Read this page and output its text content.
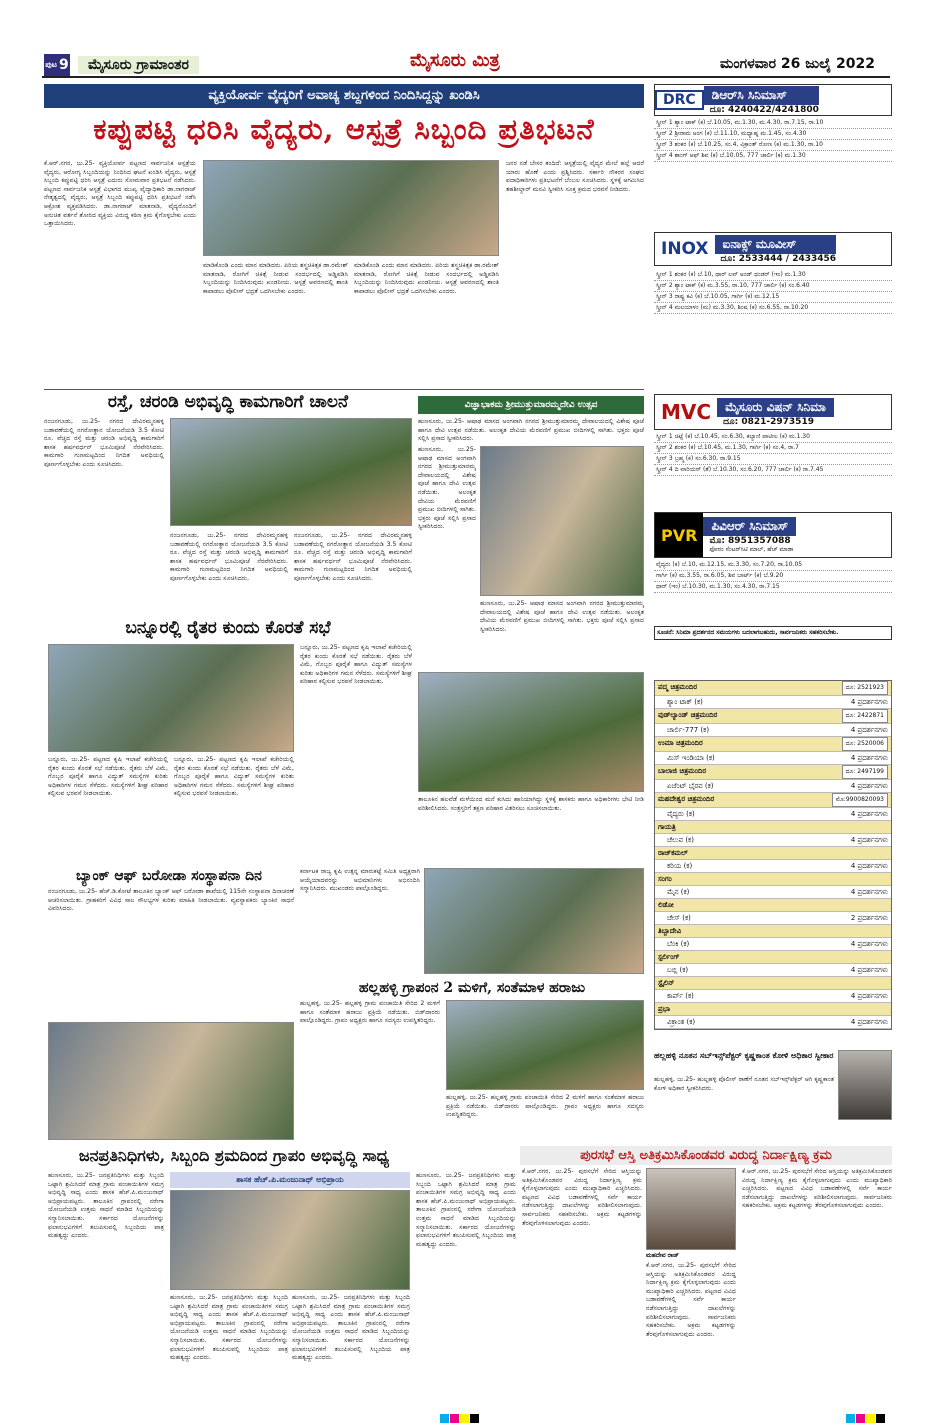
ಪುಟ 9	ಮೈಸೂರು ಗ್ರಾಮಾಂತರ	ಮೈಸೂರು ಮಿತ್ರ	ಮಂಗಳವಾರ 26 ಜುಲೈ 2022
ವ್ಯಕ್ತಿಯೋರ್ವ ವೈದ್ಯರಿಗೆ ಅವಾಚ್ಯ ಶಬ್ದಗಳಿಂದ ನಿಂದಿಸಿದ್ದನ್ನು ಖಂಡಿಸಿ
ಕಪ್ಪುಪಟ್ಟಿ ಧರಿಸಿ ವೈದ್ಯರು, ಆಸ್ಪತ್ರೆ ಸಿಬ್ಬಂದಿ ಪ್ರತಿಭಟನೆ
ಕೆ.ಆರ್.ನಗರ, ಜು.25- ವ್ಯಕ್ತಿಯೋರ್ವ ಪಟ್ಟಣದ ಸಾರ್ವಜನಿಕ ಆಸ್ಪತ್ರೆಯ ವೈದ್ಯರು, ಆರೋಗ್ಯ ಸಿಬ್ಬಂದಿಯನ್ನು ನಿಂದಿಸಿದ ಘಟನೆ ಖಂಡಿಸಿ ವೈದ್ಯರು, ಆಸ್ಪತ್ರೆ ಸಿಬ್ಬಂದಿ ಕಪ್ಪುಪಟ್ಟಿ ಧರಿಸಿ ಆಸ್ಪತ್ರೆ ಎದುರು ಸೋಮವಾರ ಪ್ರತಿಭಟನೆ ನಡೆಸಿದರು. ಪಟ್ಟಣದ ಸಾರ್ವಜನಿಕ ಆಸ್ಪತ್ರೆ ವಿಭಾಗದ ಮುಖ್ಯ ವೈದ್ಯಾಧಿಕಾರಿ ಡಾ.ನಾಗರಾಜ್ ನೇತೃತ್ವದಲ್ಲಿ ವೈದ್ಯರು, ಆಸ್ಪತ್ರೆ ಸಿಬ್ಬಂದಿ ಕಪ್ಪುಪಟ್ಟಿ ಧರಿಸಿ ಪ್ರತಿಭಟನೆ ನಡೆಸಿ ಆಕ್ರೋಶ ವ್ಯಕ್ತಪಡಿಸಿದರು. ಡಾ.ನಾಗರಾಜ್ ಮಾತನಾಡಿ, ವೈದ್ಯರೊಂದಿಗೆ ಅನುಚಿತ ವರ್ತನೆ ತೋರಿದ ವ್ಯಕ್ತಿಯ ವಿರುದ್ಧ ಕಠಿಣ ಕ್ರಮ ಕೈಗೊಳ್ಳಬೇಕು ಎಂದು ಒತ್ತಾಯಿಸಿದರು.
ಮಾಡಿಕೊಂಡಿ ಎಂದು ಮಾನ ಮಾಡಿದರು. ಪಿರಿಯ ಶಸ್ತ್ರಚಿಕಿತ್ಸಕ ಡಾ.ರಮೇಶ್ ಮಾತನಾಡಿ, ರೋಗಿಗೆ ಚಿಕಿತ್ಸೆ ನೀಡುವ ಸಂದರ್ಭದಲ್ಲಿ ಅಡ್ಡಿಪಡಿಸಿ ಸಿಬ್ಬಂದಿಯನ್ನು ನಿಂದಿಸಿರುವುದು ಖಂಡನೀಯ. ಆಸ್ಪತ್ರೆ ಆವರಣದಲ್ಲಿ ಶಾಂತಿ ಕಾಪಾಡಲು ಪೊಲೀಸ್ ಭದ್ರತೆ ಒದಗಿಸಬೇಕು ಎಂದರು.
ಮಾಡಿಕೊಂಡಿ ಎಂದು ಮಾನ ಮಾಡಿದರು. ಪಿರಿಯ ಶಸ್ತ್ರಚಿಕಿತ್ಸಕ ಡಾ.ರಮೇಶ್ ಮಾತನಾಡಿ, ರೋಗಿಗೆ ಚಿಕಿತ್ಸೆ ನೀಡುವ ಸಂದರ್ಭದಲ್ಲಿ ಅಡ್ಡಿಪಡಿಸಿ ಸಿಬ್ಬಂದಿಯನ್ನು ನಿಂದಿಸಿರುವುದು ಖಂಡನೀಯ. ಆಸ್ಪತ್ರೆ ಆವರಣದಲ್ಲಿ ಶಾಂತಿ ಕಾಪಾಡಲು ಪೊಲೀಸ್ ಭದ್ರತೆ ಒದಗಿಸಬೇಕು ಎಂದರು.
ಜನರ ನಡೆ ಬೇಸರ ತಂದಿದೆ: ಆಸ್ಪತ್ರೆಯಲ್ಲಿ ವೈದ್ಯರ ಮೇಲೆ ಹಲ್ಲೆ ಆದರೆ ಯಾರು ಹೊಣೆ ಎಂದು ಪ್ರಶ್ನಿಸಿದರು. ಸರ್ಕಾರಿ ನೌಕರರ ಸಂಘದ ಪದಾಧಿಕಾರಿಗಳು ಪ್ರತಿಭಟನೆಗೆ ಬೆಂಬಲ ಸೂಚಿಸಿದರು. ಸ್ಥಳಕ್ಕೆ ಆಗಮಿಸಿದ ತಹಶೀಲ್ದಾರ್ ಮನವಿ ಸ್ವೀಕರಿಸಿ ಸೂಕ್ತ ಕ್ರಮದ ಭರವಸೆ ನೀಡಿದರು.
ರಸ್ತೆ, ಚರಂಡಿ ಅಭಿವೃದ್ಧಿ ಕಾಮಗಾರಿಗೆ ಚಾಲನೆ
ನಂಜನಗೂಡು, ಜು.25- ನಗರದ ದೇವಿರಮ್ಮನಹಳ್ಳಿ ಬಡಾವಣೆಯಲ್ಲಿ ನಗರೋತ್ಥಾನ ಯೋಜನೆಯಡಿ 3.5 ಕೋಟಿ ರೂ. ವೆಚ್ಚದ ರಸ್ತೆ ಮತ್ತು ಚರಂಡಿ ಅಭಿವೃದ್ಧಿ ಕಾಮಗಾರಿಗೆ ಶಾಸಕ ಹರ್ಷವರ್ಧನ್ ಭೂಮಿಪೂಜೆ ನೆರವೇರಿಸಿದರು. ಕಾಮಗಾರಿ ಗುಣಮಟ್ಟದಿಂದ ನಿಗದಿತ ಅವಧಿಯಲ್ಲಿ ಪೂರ್ಣಗೊಳ್ಳಬೇಕು ಎಂದು ಸೂಚಿಸಿದರು.
ನಂಜನಗೂಡು, ಜು.25- ನಗರದ ದೇವಿರಮ್ಮನಹಳ್ಳಿ ಬಡಾವಣೆಯಲ್ಲಿ ನಗರೋತ್ಥಾನ ಯೋಜನೆಯಡಿ 3.5 ಕೋಟಿ ರೂ. ವೆಚ್ಚದ ರಸ್ತೆ ಮತ್ತು ಚರಂಡಿ ಅಭಿವೃದ್ಧಿ ಕಾಮಗಾರಿಗೆ ಶಾಸಕ ಹರ್ಷವರ್ಧನ್ ಭೂಮಿಪೂಜೆ ನೆರವೇರಿಸಿದರು. ಕಾಮಗಾರಿ ಗುಣಮಟ್ಟದಿಂದ ನಿಗದಿತ ಅವಧಿಯಲ್ಲಿ ಪೂರ್ಣಗೊಳ್ಳಬೇಕು ಎಂದು ಸೂಚಿಸಿದರು.
ನಂಜನಗೂಡು, ಜು.25- ನಗರದ ದೇವಿರಮ್ಮನಹಳ್ಳಿ ಬಡಾವಣೆಯಲ್ಲಿ ನಗರೋತ್ಥಾನ ಯೋಜನೆಯಡಿ 3.5 ಕೋಟಿ ರೂ. ವೆಚ್ಚದ ರಸ್ತೆ ಮತ್ತು ಚರಂಡಿ ಅಭಿವೃದ್ಧಿ ಕಾಮಗಾರಿಗೆ ಶಾಸಕ ಹರ್ಷವರ್ಧನ್ ಭೂಮಿಪೂಜೆ ನೆರವೇರಿಸಿದರು. ಕಾಮಗಾರಿ ಗುಣಮಟ್ಟದಿಂದ ನಿಗದಿತ ಅವಧಿಯಲ್ಲಿ ಪೂರ್ಣಗೊಳ್ಳಬೇಕು ಎಂದು ಸೂಚಿಸಿದರು.
ವಿಜ್ಞಾಭಾಕಮ ಶ್ರೀಮುತ್ತುಮಾರಮ್ಮದೇವಿ ಉತ್ಸವ
ಹುಣಸೂರು, ಜು.25- ಆಷಾಢ ಮಾಸದ ಅಂಗವಾಗಿ ನಗರದ ಶ್ರೀಮುತ್ತುಮಾರಮ್ಮ ದೇವಾಲಯದಲ್ಲಿ ವಿಶೇಷ ಪೂಜೆ ಹಾಗೂ ದೇವಿ ಉತ್ಸವ ನಡೆಯಿತು. ಅಲಂಕೃತ ದೇವಿಯ ಮೆರವಣಿಗೆ ಪ್ರಮುಖ ಬೀದಿಗಳಲ್ಲಿ ಸಾಗಿತು. ಭಕ್ತರು ಪೂಜೆ ಸಲ್ಲಿಸಿ ಪ್ರಸಾದ ಸ್ವೀಕರಿಸಿದರು.
ಹುಣಸೂರು, ಜು.25- ಆಷಾಢ ಮಾಸದ ಅಂಗವಾಗಿ ನಗರದ ಶ್ರೀಮುತ್ತುಮಾರಮ್ಮ ದೇವಾಲಯದಲ್ಲಿ ವಿಶೇಷ ಪೂಜೆ ಹಾಗೂ ದೇವಿ ಉತ್ಸವ ನಡೆಯಿತು. ಅಲಂಕೃತ ದೇವಿಯ ಮೆರವಣಿಗೆ ಪ್ರಮುಖ ಬೀದಿಗಳಲ್ಲಿ ಸಾಗಿತು. ಭಕ್ತರು ಪೂಜೆ ಸಲ್ಲಿಸಿ ಪ್ರಸಾದ ಸ್ವೀಕರಿಸಿದರು.
ಹುಣಸೂರು, ಜು.25- ಆಷಾಢ ಮಾಸದ ಅಂಗವಾಗಿ ನಗರದ ಶ್ರೀಮುತ್ತುಮಾರಮ್ಮ ದೇವಾಲಯದಲ್ಲಿ ವಿಶೇಷ ಪೂಜೆ ಹಾಗೂ ದೇವಿ ಉತ್ಸವ ನಡೆಯಿತು. ಅಲಂಕೃತ ದೇವಿಯ ಮೆರವಣಿಗೆ ಪ್ರಮುಖ ಬೀದಿಗಳಲ್ಲಿ ಸಾಗಿತು. ಭಕ್ತರು ಪೂಜೆ ಸಲ್ಲಿಸಿ ಪ್ರಸಾದ ಸ್ವೀಕರಿಸಿದರು.
ಬನ್ನೂರಲ್ಲಿ ರೈತರ ಕುಂದು ಕೊರತೆ ಸಭೆ
ಬನ್ನೂರು, ಜು.25- ಪಟ್ಟಣದ ಕೃಷಿ ಇಲಾಖೆ ಕಚೇರಿಯಲ್ಲಿ ರೈತರ ಕುಂದು ಕೊರತೆ ಸಭೆ ನಡೆಯಿತು. ರೈತರು ಬೆಳೆ ವಿಮೆ, ಗೊಬ್ಬರ ಪೂರೈಕೆ ಹಾಗೂ ವಿದ್ಯುತ್ ಸಮಸ್ಯೆಗಳ ಕುರಿತು ಅಧಿಕಾರಿಗಳ ಗಮನ ಸೆಳೆದರು. ಸಮಸ್ಯೆಗಳಿಗೆ ಶೀಘ್ರ ಪರಿಹಾರ ಕಲ್ಪಿಸುವ ಭರವಸೆ ನೀಡಲಾಯಿತು.
ಬನ್ನೂರು, ಜು.25- ಪಟ್ಟಣದ ಕೃಷಿ ಇಲಾಖೆ ಕಚೇರಿಯಲ್ಲಿ ರೈತರ ಕುಂದು ಕೊರತೆ ಸಭೆ ನಡೆಯಿತು. ರೈತರು ಬೆಳೆ ವಿಮೆ, ಗೊಬ್ಬರ ಪೂರೈಕೆ ಹಾಗೂ ವಿದ್ಯುತ್ ಸಮಸ್ಯೆಗಳ ಕುರಿತು ಅಧಿಕಾರಿಗಳ ಗಮನ ಸೆಳೆದರು. ಸಮಸ್ಯೆಗಳಿಗೆ ಶೀಘ್ರ ಪರಿಹಾರ ಕಲ್ಪಿಸುವ ಭರವಸೆ ನೀಡಲಾಯಿತು.
ಬನ್ನೂರು, ಜು.25- ಪಟ್ಟಣದ ಕೃಷಿ ಇಲಾಖೆ ಕಚೇರಿಯಲ್ಲಿ ರೈತರ ಕುಂದು ಕೊರತೆ ಸಭೆ ನಡೆಯಿತು. ರೈತರು ಬೆಳೆ ವಿಮೆ, ಗೊಬ್ಬರ ಪೂರೈಕೆ ಹಾಗೂ ವಿದ್ಯುತ್ ಸಮಸ್ಯೆಗಳ ಕುರಿತು ಅಧಿಕಾರಿಗಳ ಗಮನ ಸೆಳೆದರು. ಸಮಸ್ಯೆಗಳಿಗೆ ಶೀಘ್ರ ಪರಿಹಾರ ಕಲ್ಪಿಸುವ ಭರವಸೆ ನೀಡಲಾಯಿತು.
ತಾಲೂಕಿನ ಹಲವೆಡೆ ಮಳೆಯಿಂದ ಮನೆ ಕುಸಿದು ಹಾನಿಯಾಗಿದ್ದು ಸ್ಥಳಕ್ಕೆ ಶಾಸಕರು ಹಾಗೂ ಅಧಿಕಾರಿಗಳು ಭೇಟಿ ನೀಡಿ ಪರಿಶೀಲಿಸಿದರು. ಸಂತ್ರಸ್ತರಿಗೆ ತಕ್ಷಣ ಪರಿಹಾರ ವಿತರಿಸಲು ಸೂಚಿಸಲಾಯಿತು.
ಬ್ಯಾಂಕ್ ಆಫ್ ಬರೋಡಾ ಸಂಸ್ಥಾಪನಾ ದಿನ
ನಂಜನಗೂಡು, ಜು.25- ಹೆಚ್.ಡಿ.ಕೋಟೆ ತಾಲೂಕಿನ ಬ್ಯಾಂಕ್ ಆಫ್ ಬರೋಡಾ ಶಾಖೆಯಲ್ಲಿ 115ನೇ ಸಂಸ್ಥಾಪನಾ ದಿನಾಚರಣೆ ಆಚರಿಸಲಾಯಿತು. ಗ್ರಾಹಕರಿಗೆ ವಿವಿಧ ಸಾಲ ಸೌಲಭ್ಯಗಳ ಕುರಿತು ಮಾಹಿತಿ ನೀಡಲಾಯಿತು. ವ್ಯವಸ್ಥಾಪಕರು ಬ್ಯಾಂಕಿನ ಸಾಧನೆ ವಿವರಿಸಿದರು.
ಕರ್ನಾಟಕ ರಾಜ್ಯ ಕೃಷಿ ಉತ್ಪನ್ನ ಮಾರುಕಟ್ಟೆ ಸಮಿತಿ ಅಧ್ಯಕ್ಷರಾಗಿ ಆಯ್ಕೆಯಾದವರನ್ನು ಅಭಿಮಾನಿಗಳು ಅಭಿನಂದಿಸಿ ಸನ್ಮಾನಿಸಿದರು. ಮುಖಂಡರು ಪಾಲ್ಗೊಂಡಿದ್ದರು.
ಹಲ್ಲಹಳ್ಳಿ ಗ್ರಾಪಂನ 2 ಮಳಿಗೆ, ಸಂತೆಮಾಳ ಹರಾಜು
ಹುಲ್ಲಹಳ್ಳಿ, ಜು.25- ಹಲ್ಲಹಳ್ಳಿ ಗ್ರಾಮ ಪಂಚಾಯಿತಿ ಸೇರಿದ 2 ಮಳಿಗೆ ಹಾಗೂ ಸಂತೆಮಾಳ ಹರಾಜು ಪ್ರಕ್ರಿಯೆ ನಡೆಯಿತು. ಬಿಡ್‌ದಾರರು ಪಾಲ್ಗೊಂಡಿದ್ದರು. ಗ್ರಾಪಂ ಅಧ್ಯಕ್ಷರು ಹಾಗೂ ಸದಸ್ಯರು ಉಪಸ್ಥಿತರಿದ್ದರು.
ಹುಲ್ಲಹಳ್ಳಿ, ಜು.25- ಹಲ್ಲಹಳ್ಳಿ ಗ್ರಾಮ ಪಂಚಾಯಿತಿ ಸೇರಿದ 2 ಮಳಿಗೆ ಹಾಗೂ ಸಂತೆಮಾಳ ಹರಾಜು ಪ್ರಕ್ರಿಯೆ ನಡೆಯಿತು. ಬಿಡ್‌ದಾರರು ಪಾಲ್ಗೊಂಡಿದ್ದರು. ಗ್ರಾಪಂ ಅಧ್ಯಕ್ಷರು ಹಾಗೂ ಸದಸ್ಯರು ಉಪಸ್ಥಿತರಿದ್ದರು.
ಜನಪ್ರತಿನಿಧಿಗಳು, ಸಿಬ್ಬಂದಿ ಶ್ರಮದಿಂದ ಗ್ರಾಪಂ ಅಭಿವೃದ್ಧಿ ಸಾಧ್ಯ
ಹುಣಸೂರು, ಜು.25- ಜನಪ್ರತಿನಿಧಿಗಳು ಮತ್ತು ಸಿಬ್ಬಂದಿ ಒಟ್ಟಾಗಿ ಶ್ರಮಿಸಿದರೆ ಮಾತ್ರ ಗ್ರಾಮ ಪಂಚಾಯಿತಿಗಳ ಸಮಗ್ರ ಅಭಿವೃದ್ಧಿ ಸಾಧ್ಯ ಎಂದು ಶಾಸಕ ಹೆಚ್.ಪಿ.ಮಂಜುನಾಥ್ ಅಭಿಪ್ರಾಯಪಟ್ಟರು. ತಾಲೂಕಿನ ಗ್ರಾಪಂನಲ್ಲಿ ನರೇಗಾ ಯೋಜನೆಯಡಿ ಉತ್ತಮ ಸಾಧನೆ ಮಾಡಿದ ಸಿಬ್ಬಂದಿಯನ್ನು ಸನ್ಮಾನಿಸಲಾಯಿತು. ಸರ್ಕಾರದ ಯೋಜನೆಗಳನ್ನು ಫಲಾನುಭವಿಗಳಿಗೆ ತಲುಪಿಸುವಲ್ಲಿ ಸಿಬ್ಬಂದಿಯ ಪಾತ್ರ ಮಹತ್ವದ್ದು ಎಂದರು.
ಶಾಸಕ ಹೆಚ್.ಪಿ.ಮಂಜುನಾಥ್ ಅಭಿಪ್ರಾಯ
ಹುಣಸೂರು, ಜು.25- ಜನಪ್ರತಿನಿಧಿಗಳು ಮತ್ತು ಸಿಬ್ಬಂದಿ ಒಟ್ಟಾಗಿ ಶ್ರಮಿಸಿದರೆ ಮಾತ್ರ ಗ್ರಾಮ ಪಂಚಾಯಿತಿಗಳ ಸಮಗ್ರ ಅಭಿವೃದ್ಧಿ ಸಾಧ್ಯ ಎಂದು ಶಾಸಕ ಹೆಚ್.ಪಿ.ಮಂಜುನಾಥ್ ಅಭಿಪ್ರಾಯಪಟ್ಟರು. ತಾಲೂಕಿನ ಗ್ರಾಪಂನಲ್ಲಿ ನರೇಗಾ ಯೋಜನೆಯಡಿ ಉತ್ತಮ ಸಾಧನೆ ಮಾಡಿದ ಸಿಬ್ಬಂದಿಯನ್ನು ಸನ್ಮಾನಿಸಲಾಯಿತು. ಸರ್ಕಾರದ ಯೋಜನೆಗಳನ್ನು ಫಲಾನುಭವಿಗಳಿಗೆ ತಲುಪಿಸುವಲ್ಲಿ ಸಿಬ್ಬಂದಿಯ ಪಾತ್ರ ಮಹತ್ವದ್ದು ಎಂದರು.
ಹುಣಸೂರು, ಜು.25- ಜನಪ್ರತಿನಿಧಿಗಳು ಮತ್ತು ಸಿಬ್ಬಂದಿ ಒಟ್ಟಾಗಿ ಶ್ರಮಿಸಿದರೆ ಮಾತ್ರ ಗ್ರಾಮ ಪಂಚಾಯಿತಿಗಳ ಸಮಗ್ರ ಅಭಿವೃದ್ಧಿ ಸಾಧ್ಯ ಎಂದು ಶಾಸಕ ಹೆಚ್.ಪಿ.ಮಂಜುನಾಥ್ ಅಭಿಪ್ರಾಯಪಟ್ಟರು. ತಾಲೂಕಿನ ಗ್ರಾಪಂನಲ್ಲಿ ನರೇಗಾ ಯೋಜನೆಯಡಿ ಉತ್ತಮ ಸಾಧನೆ ಮಾಡಿದ ಸಿಬ್ಬಂದಿಯನ್ನು ಸನ್ಮಾನಿಸಲಾಯಿತು. ಸರ್ಕಾರದ ಯೋಜನೆಗಳನ್ನು ಫಲಾನುಭವಿಗಳಿಗೆ ತಲುಪಿಸುವಲ್ಲಿ ಸಿಬ್ಬಂದಿಯ ಪಾತ್ರ ಮಹತ್ವದ್ದು ಎಂದರು.
ಹುಣಸೂರು, ಜು.25- ಜನಪ್ರತಿನಿಧಿಗಳು ಮತ್ತು ಸಿಬ್ಬಂದಿ ಒಟ್ಟಾಗಿ ಶ್ರಮಿಸಿದರೆ ಮಾತ್ರ ಗ್ರಾಮ ಪಂಚಾಯಿತಿಗಳ ಸಮಗ್ರ ಅಭಿವೃದ್ಧಿ ಸಾಧ್ಯ ಎಂದು ಶಾಸಕ ಹೆಚ್.ಪಿ.ಮಂಜುನಾಥ್ ಅಭಿಪ್ರಾಯಪಟ್ಟರು. ತಾಲೂಕಿನ ಗ್ರಾಪಂನಲ್ಲಿ ನರೇಗಾ ಯೋಜನೆಯಡಿ ಉತ್ತಮ ಸಾಧನೆ ಮಾಡಿದ ಸಿಬ್ಬಂದಿಯನ್ನು ಸನ್ಮಾನಿಸಲಾಯಿತು. ಸರ್ಕಾರದ ಯೋಜನೆಗಳನ್ನು ಫಲಾನುಭವಿಗಳಿಗೆ ತಲುಪಿಸುವಲ್ಲಿ ಸಿಬ್ಬಂದಿಯ ಪಾತ್ರ ಮಹತ್ವದ್ದು ಎಂದರು.
ಪುರಸಭೆ ಆಸ್ತಿ ಅತಿಕ್ರಮಿಸಿಕೊಂಡವರ ವಿರುದ್ಧ ನಿರ್ದಾಕ್ಷಿಣ್ಯ ಕ್ರಮ
ಕೆ.ಆರ್.ನಗರ, ಜು.25- ಪುರಸಭೆಗೆ ಸೇರಿದ ಆಸ್ತಿಯನ್ನು ಅತಿಕ್ರಮಿಸಿಕೊಂಡವರ ವಿರುದ್ಧ ನಿರ್ದಾಕ್ಷಿಣ್ಯ ಕ್ರಮ ಕೈಗೊಳ್ಳಲಾಗುವುದು ಎಂದು ಮುಖ್ಯಾಧಿಕಾರಿ ಎಚ್ಚರಿಸಿದರು. ಪಟ್ಟಣದ ವಿವಿಧ ಬಡಾವಣೆಗಳಲ್ಲಿ ಸರ್ವೆ ಕಾರ್ಯ ನಡೆಸಲಾಗುತ್ತಿದ್ದು ದಾಖಲೆಗಳನ್ನು ಪರಿಶೀಲಿಸಲಾಗುವುದು. ಸಾರ್ವಜನಿಕರು ಸಹಕರಿಸಬೇಕು. ಅಕ್ರಮ ಕಟ್ಟಡಗಳನ್ನು ತೆರವುಗೊಳಿಸಲಾಗುವುದು ಎಂದರು.
ಮಹದೇವ ರಾಜ್
ಕೆ.ಆರ್.ನಗರ, ಜು.25- ಪುರಸಭೆಗೆ ಸೇರಿದ ಆಸ್ತಿಯನ್ನು ಅತಿಕ್ರಮಿಸಿಕೊಂಡವರ ವಿರುದ್ಧ ನಿರ್ದಾಕ್ಷಿಣ್ಯ ಕ್ರಮ ಕೈಗೊಳ್ಳಲಾಗುವುದು ಎಂದು ಮುಖ್ಯಾಧಿಕಾರಿ ಎಚ್ಚರಿಸಿದರು. ಪಟ್ಟಣದ ವಿವಿಧ ಬಡಾವಣೆಗಳಲ್ಲಿ ಸರ್ವೆ ಕಾರ್ಯ ನಡೆಸಲಾಗುತ್ತಿದ್ದು ದಾಖಲೆಗಳನ್ನು ಪರಿಶೀಲಿಸಲಾಗುವುದು. ಸಾರ್ವಜನಿಕರು ಸಹಕರಿಸಬೇಕು. ಅಕ್ರಮ ಕಟ್ಟಡಗಳನ್ನು ತೆರವುಗೊಳಿಸಲಾಗುವುದು ಎಂದರು.
ಕೆ.ಆರ್.ನಗರ, ಜು.25- ಪುರಸಭೆಗೆ ಸೇರಿದ ಆಸ್ತಿಯನ್ನು ಅತಿಕ್ರಮಿಸಿಕೊಂಡವರ ವಿರುದ್ಧ ನಿರ್ದಾಕ್ಷಿಣ್ಯ ಕ್ರಮ ಕೈಗೊಳ್ಳಲಾಗುವುದು ಎಂದು ಮುಖ್ಯಾಧಿಕಾರಿ ಎಚ್ಚರಿಸಿದರು. ಪಟ್ಟಣದ ವಿವಿಧ ಬಡಾವಣೆಗಳಲ್ಲಿ ಸರ್ವೆ ಕಾರ್ಯ ನಡೆಸಲಾಗುತ್ತಿದ್ದು ದಾಖಲೆಗಳನ್ನು ಪರಿಶೀಲಿಸಲಾಗುವುದು. ಸಾರ್ವಜನಿಕರು ಸಹಕರಿಸಬೇಕು. ಅಕ್ರಮ ಕಟ್ಟಡಗಳನ್ನು ತೆರವುಗೊಳಿಸಲಾಗುವುದು ಎಂದರು.
ಹಲ್ಲಹಳ್ಳಿ ನೂತನ ಸಬ್‌ಇನ್ಸ್‌ಪೆಕ್ಟರ್ ಕೃಷ್ಣಕಾಂತ ಕೋಳಿ ಅಧಿಕಾರ ಸ್ವೀಕಾರ
ಹುಲ್ಲಹಳ್ಳಿ, ಜು.25- ಹುಲ್ಲಹಳ್ಳಿ ಪೊಲೀಸ್ ಠಾಣೆಗೆ ನೂತನ ಸಬ್‌ಇನ್ಸ್‌ಪೆಕ್ಟರ್ ಆಗಿ ಕೃಷ್ಣಕಾಂತ ಕೋಳಿ ಅಧಿಕಾರ ಸ್ವೀಕರಿಸಿದರು.
DRC	ಡಿಆರ್‌ಸಿ ಸಿನಿಮಾಸ್
ದೂ: 4240422/4241800
ಸ್ಕ್ರೀನ್ 1 ಶ್ಯಾಂ ಟಾಕ್ (ಕ) ಬೆ.10.05, ಮ.1.30, ಮ.4.30, ರಾ.7.15, ರಾ.10
ಸ್ಕ್ರೀನ್ 2 ಶ್ರೀರಾಮ ಅಂಗ (ಕ) ಬೆ.11.10, ಮಧ್ಯಾಹ್ನ ಮ.1.45, ಸಂ.4.30
ಸ್ಕ್ರೀನ್ 3 ಶಂಕರ (ಕ) ಬೆ.10.25, ಸಂ.4, ವಿಕ್ರಾಂತ್ ರೋಣ (ಕ) ಮ.1.30, ರಾ.10
ಸ್ಕ್ರೀನ್ 4 ಶಾಂಗ್ ಆಫ್ ಶಿವ (ಕ) ಬೆ.10.05, 777 ಚಾರ್ಲಿ (ಕ) ಮ.1.30
INOX	ಐನಾಕ್ಸ್ ಮೂವೀಸ್
ದೂ: 2533444 / 2433456
ಸ್ಕ್ರೀನ್ 1 ಶಂಕರ (ಕ) ಬೆ.10, ಥಾರ್ ಲವ್ ಅಂಡ್ ಥಂಡರ್ (ಇಂ) ಮ.1.30
ಸ್ಕ್ರೀನ್ 2 ಶ್ಯಾಂ ಟಾಕ್ (ಕ) ಮ.3.55, ರಾ.10, 777 ಚಾರ್ಲಿ (ಕ) ಸಂ.6.40
ಸ್ಕ್ರೀನ್ 3 ರಾಷ್ಟ್ರ ಕವಿ (ಕ) ಬೆ.10.05, ಗಾರ್ಗಿ (ಕ) ಮ.12.15
ಸ್ಕ್ರೀನ್ 4 ಮಲಯಾಳಂ (ಮ) ಮ.3.30, ಶಿಂಷ (ಕ) ಸಂ.6.55, ರಾ.10.20
MVC	ಮೈಸೂರು ವಿಷನ್ ಸಿನಿಮಾ
ದೂ: 0821-2973519
ಸ್ಕ್ರೀನ್ 1 ಚಿಟ್ಟೆ (ಕ) ಬೆ.10.45, ಸಂ.6.30, ಕಲ್ಯಾಣಿ ಪಾಟೀಲ (ಕ) ಮ.1.30
ಸ್ಕ್ರೀನ್ 2 ಶಂಕರ (ಕ) ಬೆ.10.45, ಮ.1.30, ಗಾರ್ಗಿ (ಕ) ಸಂ.4, ರಾ.7
ಸ್ಕ್ರೀನ್ 3 ಬ್ರಹ್ಮ (ಕ) ಸಂ.6.30, ರಾ.9.15
ಸ್ಕ್ರೀನ್ 4 ದಿ ವಾರಿಯರ್ (ತೆ) ಬೆ.10.30, ಸಂ.6.20, 777 ಚಾರ್ಲಿ (ಕ) ರಾ.7.45
PVR	ಪಿವಿಆರ್ ಸಿನಿಮಾಸ್
ಮೊ: 8951357088
ಫೋರಂ ಸೆಂಟರ್‌ಸಿಟಿ ಮಾಲ್, ಹೆಚ್ ಮಾಡಾ
ವೈದ್ಯರು (ಕ) ಬೆ.10, ಮ.12.15, ಮ.3.30, ಸಂ.7.20, ರಾ.10.05
ಗಾರ್ಗಿ (ಕ) ಮ.3.55, ರಾ.6.05, ಶಿವ ಬಾರ್ಟ್ (ಕ) ಬೆ.9.20
ಥಾರ್ (ಇಂ) ಬೆ.10.30, ಮ.1.30, ಸಂ.4.30, ರಾ.7.15
ಸೂಚನೆ: ಸಿನಿಮಾ ಪ್ರದರ್ಶನದ ಸಮಯಗಳು ಬದಲಾಗಬಹುದು, ಸಾರ್ವಜನಿಕರು ಸಹಕರಿಸಬೇಕು.
ಪದ್ಮ ಚಿತ್ರಮಂದಿರ	ದೂ: 2521923
ಶ್ಯಾಂ ಟಾಕ್ (ಕ)	4 ಪ್ರದರ್ಶನಗಳು
ವುಡ್‌ಲ್ಯಾಂಡ್ ಚಿತ್ರಮಂದಿರ	ದೂ: 2422871
ಚಾರ್ಲಿ-777 (ಕ)	4 ಪ್ರದರ್ಶನಗಳು
ಉಮಾ ಚಿತ್ರಮಂದಿರ	ದೂ: 2520006
ಮಿಸ್ ಇಂಡಿಯಾ (ಕ)	4 ಪ್ರದರ್ಶನಗಳು
ಬಾಲಾಜಿ ಚಿತ್ರಮಂದಿರ	ದೂ: 2497199
ಏಜೆಂಟ್ ಭೈರವ (ಕ)	4 ಪ್ರದರ್ಶನಗಳು
ಮಹದೇಶ್ವರ ಚಿತ್ರಮಂದಿರ	ಮೊ:9900820093
ವೈದ್ಯರು (ಕ)	4 ಪ್ರದರ್ಶನಗಳು
ಗಾಯತ್ರಿ
ಚೆಲುವ (ಕ)	4 ಪ್ರದರ್ಶನಗಳು
ರಾಜ್‌ಕಮಲ್
ಕರಿಯ (ಕ)	4 ಪ್ರದರ್ಶನಗಳು
ಸಂಗಂ
ಮೈನ (ಕ)	4 ಪ್ರದರ್ಶನಗಳು
ಲಿಡೋ
ಚೇಸ್ (ಕ)	2 ಪ್ರದರ್ಶನಗಳು
ತಿಬ್ಬಾದೇವಿ
ಬೆಂಕಿ (ಕ)	4 ಪ್ರದರ್ಶನಗಳು
ಸ್ಟರ್ಲಿಂಗ್
ಬಬ್ಲಿ (ಕ)	4 ಪ್ರದರ್ಶನಗಳು
ಸ್ಟೈಲಿನ್
ಕಾರ್ಪ್ (ಕ)	4 ಪ್ರದರ್ಶನಗಳು
ಪ್ರಭಾ
ವಿಕ್ರಾಂತ (ಕ)	4 ಪ್ರದರ್ಶನಗಳು
